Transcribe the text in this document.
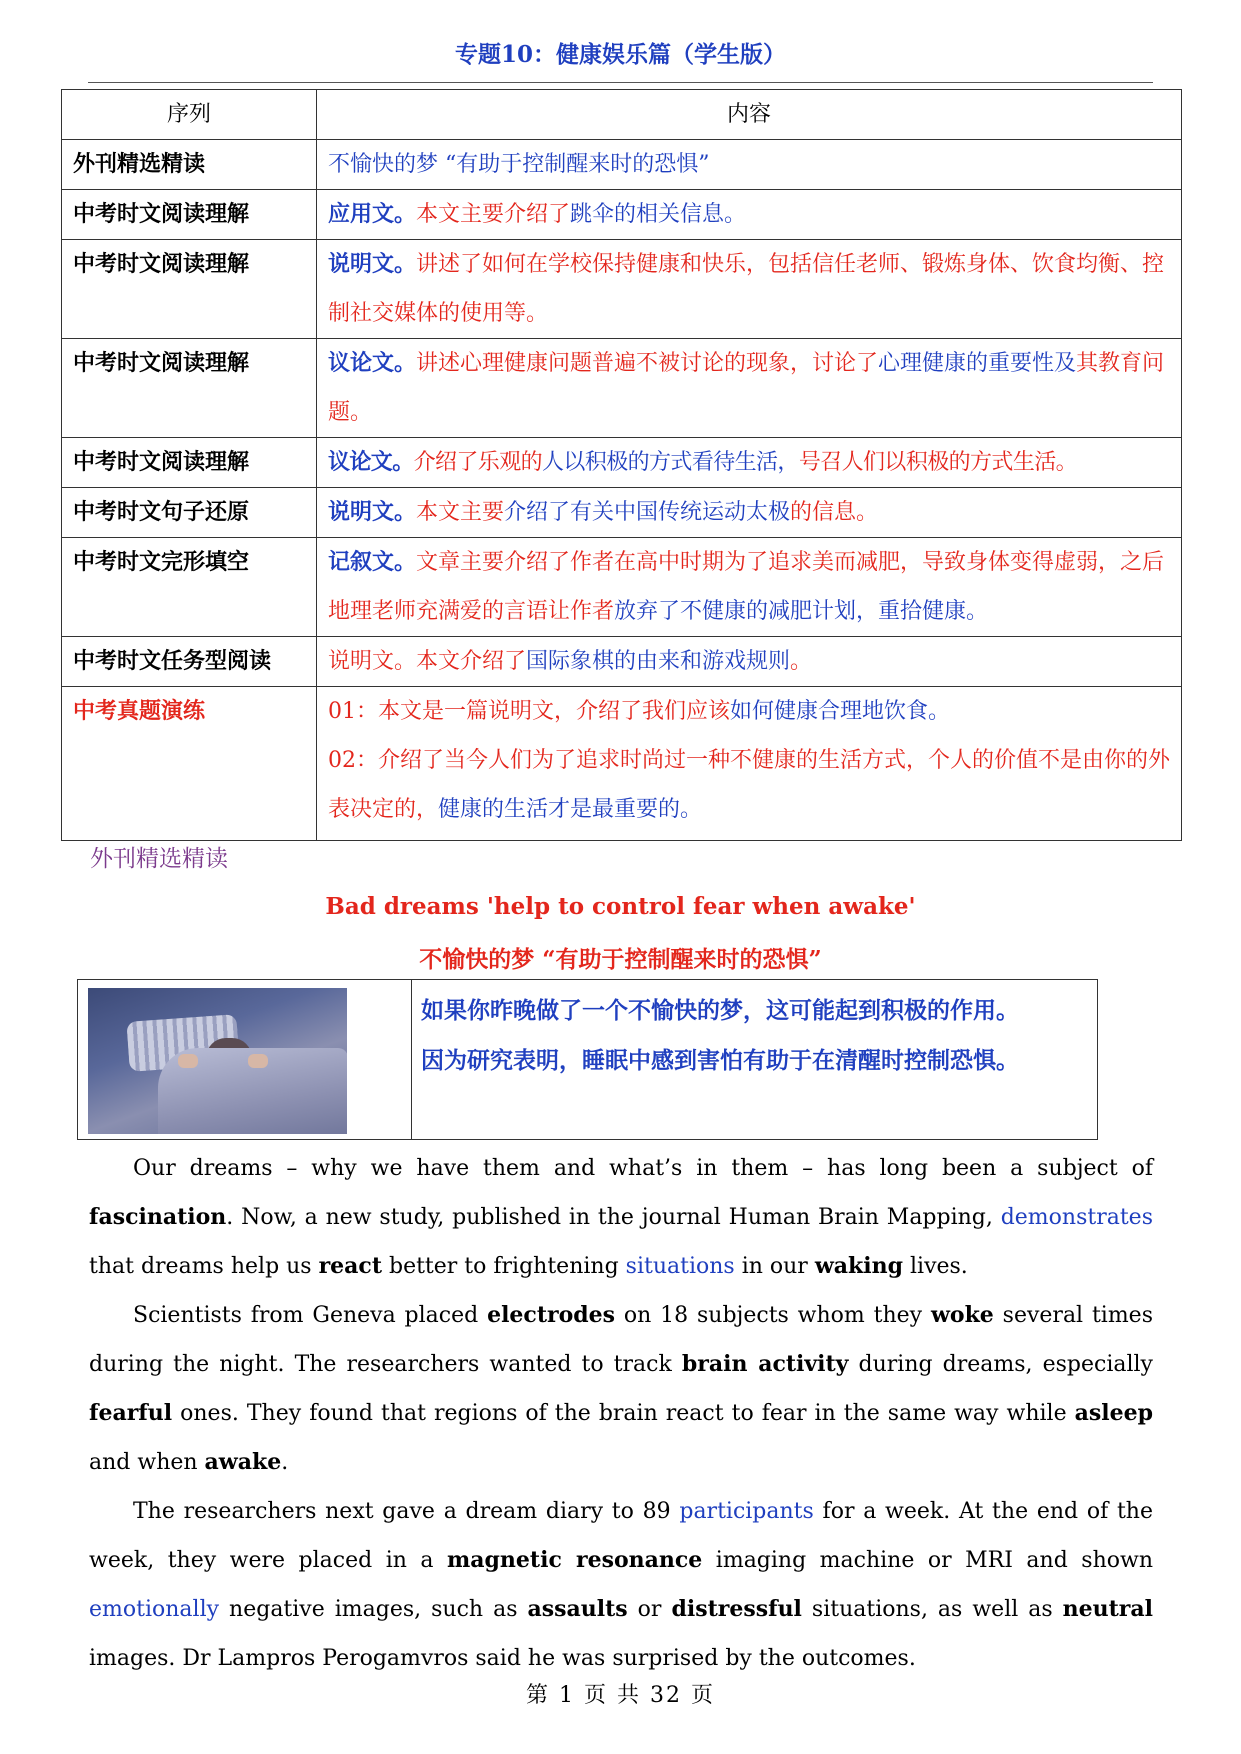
专题10：健康娱乐篇（学生版）
序列	内容
外刊精选精读	不愉快的梦 “有助于控制醒来时的恐惧”
中考时文阅读理解	应用文。本文主要介绍了跳伞的相关信息。
中考时文阅读理解	说明文。讲述了如何在学校保持健康和快乐，包括信任老师、锻炼身体、饮食均衡、控制社交媒体的使用等。
中考时文阅读理解	议论文。讲述心理健康问题普遍不被讨论的现象，讨论了心理健康的重要性及其教育问题。
中考时文阅读理解	议论文。介绍了乐观的人以积极的方式看待生活，号召人们以积极的方式生活。
中考时文句子还原	说明文。本文主要介绍了有关中国传统运动太极的信息。
中考时文完形填空	记叙文。文章主要介绍了作者在高中时期为了追求美而减肥，导致身体变得虚弱，之后地理老师充满爱的言语让作者放弃了不健康的减肥计划，重拾健康。
中考时文任务型阅读	说明文。本文介绍了国际象棋的由来和游戏规则。
中考真题演练	01：本文是一篇说明文，介绍了我们应该如何健康合理地饮食。
02：介绍了当今人们为了追求时尚过一种不健康的生活方式，个人的价值不是由你的外表决定的，健康的生活才是最重要的。
外刊精选精读
Bad dreams 'help to control fear when awake'
不愉快的梦 “有助于控制醒来时的恐惧”
如果你昨晚做了一个不愉快的梦，这可能起到积极的作用。
因为研究表明，睡眠中感到害怕有助于在清醒时控制恐惧。

Our dreams – why we have them and what’s in them – has long been a subject of fascination. Now, a new study, published in the journal Human Brain Mapping, demonstrates that dreams help us react better to frightening situations in our waking lives.

Scientists from Geneva placed electrodes on 18 subjects whom they woke several times during the night. The researchers wanted to track brain activity during dreams, especially fearful ones. They found that regions of the brain react to fear in the same way while asleep and when awake.

The researchers next gave a dream diary to 89 participants for a week. At the end of the week, they were placed in a magnetic resonance imaging machine or MRI and shown emotionally negative images, such as assaults or distressful situations, as well as neutral images. Dr Lampros Perogamvros said he was surprised by the outcomes.

第 1 页 共 32 页
